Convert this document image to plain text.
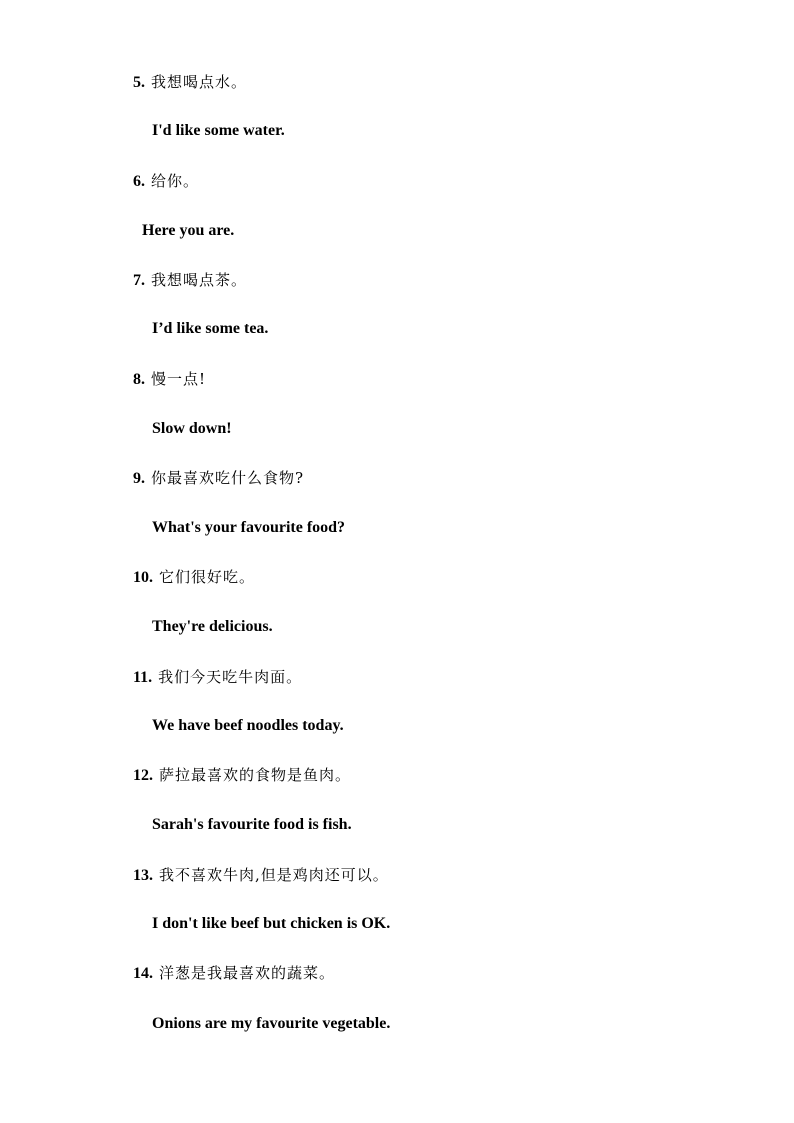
5. 我想喝点水。
I'd like some water.
6. 给你。
Here you are.
7. 我想喝点茶。
I’d like some tea.
8. 慢一点!
Slow down!
9. 你最喜欢吃什么食物?
What's your favourite food?
10. 它们很好吃。
They're delicious.
11. 我们今天吃牛肉面。
We have beef noodles today.
12. 萨拉最喜欢的食物是鱼肉。
Sarah's favourite food is fish.
13. 我不喜欢牛肉,但是鸡肉还可以。
I don't like beef but chicken is OK.
14. 洋葱是我最喜欢的蔬菜。
Onions are my favourite vegetable.
